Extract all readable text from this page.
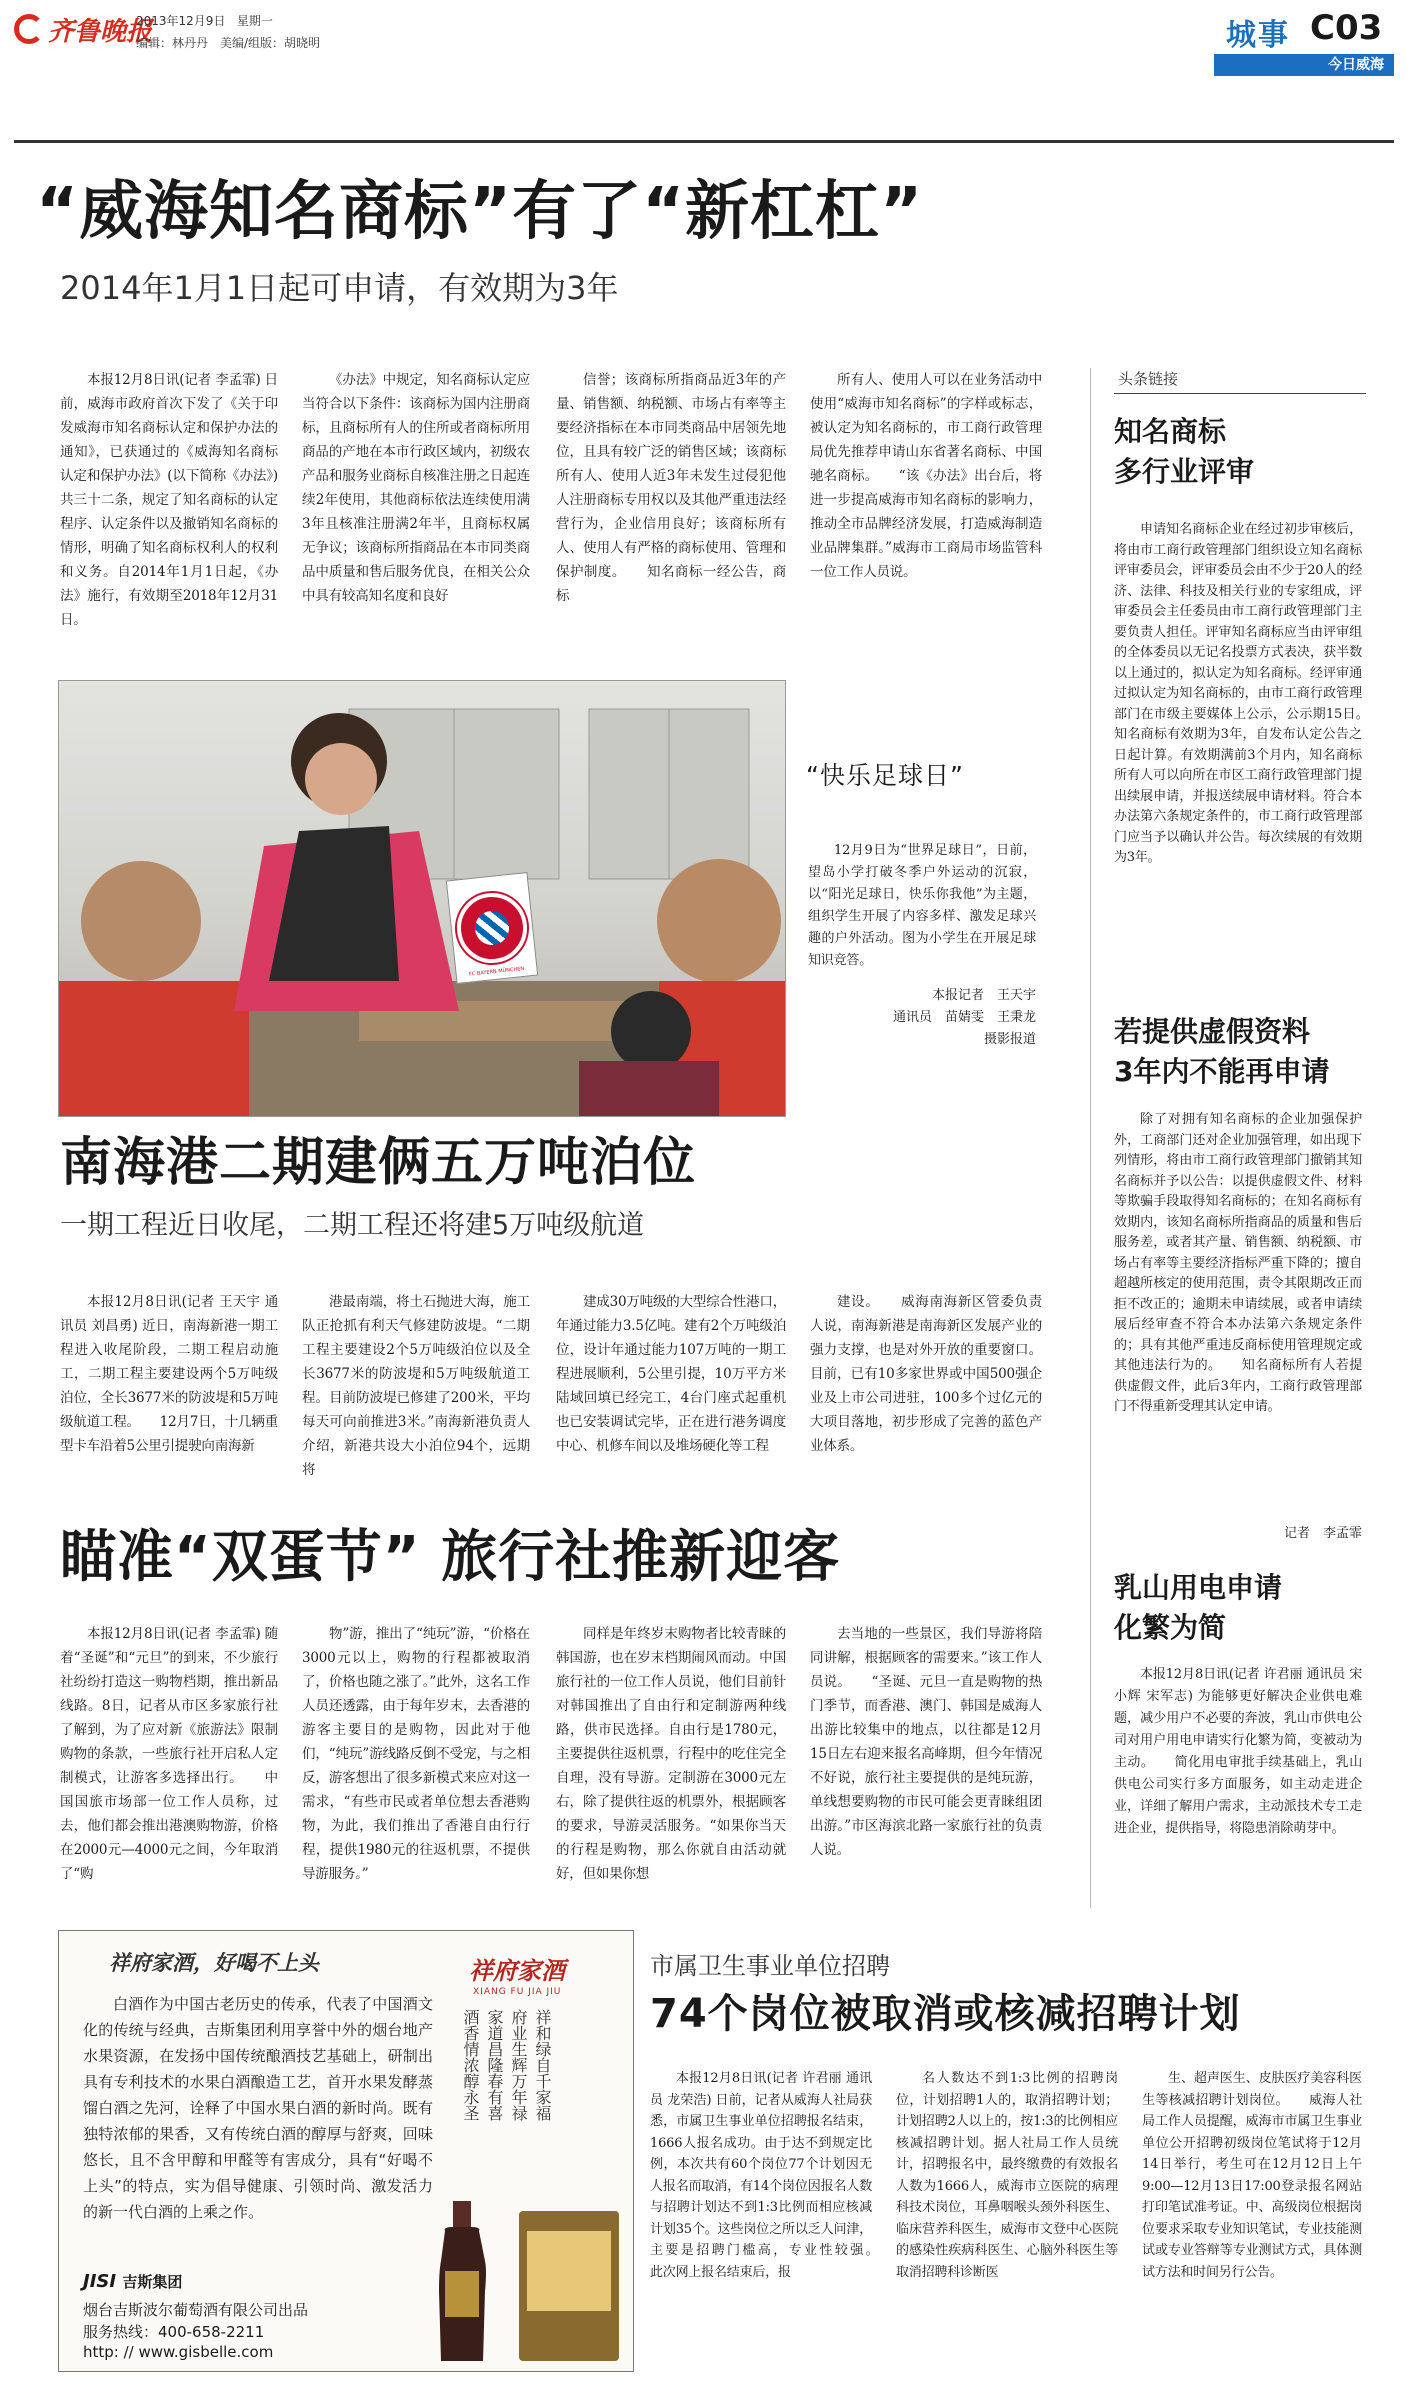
齐鲁晚报
2013年12月9日 星期一
编辑：林丹丹　美编/组版：胡晓明	城事 C03
今日威海
“威海知名商标”有了“新杠杠”
2014年1月1日起可申请，有效期为3年
本报12月8日讯(记者 李孟霏) 日前，威海市政府首次下发了《关于印发威海市知名商标认定和保护办法的通知》，已获通过的《威海知名商标认定和保护办法》(以下简称《办法》)共三十二条，规定了知名商标的认定程序、认定条件以及撤销知名商标的情形，明确了知名商标权利人的权利和义务。自2014年1月1日起，《办法》施行，有效期至2018年12月31日。
《办法》中规定，知名商标认定应当符合以下条件：该商标为国内注册商标，且商标所有人的住所或者商标所用商品的产地在本市行政区域内，初级农产品和服务业商标自核准注册之日起连续2年使用，其他商标依法连续使用满3年且核准注册满2年半，且商标权属无争议；该商标所指商品在本市同类商品中质量和售后服务优良，在相关公众中具有较高知名度和良好
信誉；该商标所指商品近3年的产量、销售额、纳税额、市场占有率等主要经济指标在本市同类商品中居领先地位，且具有较广泛的销售区域；该商标所有人、使用人近3年未发生过侵犯他人注册商标专用权以及其他严重违法经营行为，企业信用良好；该商标所有人、使用人有严格的商标使用、管理和保护制度。　　知名商标一经公告，商标
所有人、使用人可以在业务活动中使用“威海市知名商标”的字样或标志，被认定为知名商标的，市工商行政管理局优先推荐申请山东省著名商标、中国驰名商标。　　“该《办法》出台后，将进一步提高威海市知名商标的影响力，推动全市品牌经济发展，打造威海制造业品牌集群。”威海市工商局市场监管科一位工作人员说。
FC BAYERN MÜNCHEN
“快乐足球日”
12月9日为“世界足球日”，日前，望岛小学打破冬季户外运动的沉寂，以“阳光足球日，快乐你我他”为主题，组织学生开展了内容多样、激发足球兴趣的户外活动。图为小学生在开展足球知识竞答。
本报记者　王天宇
通讯员　苗婧雯　王秉龙
摄影报道
南海港二期建俩五万吨泊位
一期工程近日收尾，二期工程还将建5万吨级航道
本报12月8日讯(记者 王天宇 通讯员 刘昌勇) 近日，南海新港一期工程进入收尾阶段，二期工程启动施工，二期工程主要建设两个5万吨级泊位，全长3677米的防波堤和5万吨级航道工程。　　12月7日，十几辆重型卡车沿着5公里引提驶向南海新
港最南端，将土石抛进大海，施工队正抢抓有利天气修建防波堤。“二期工程主要建设2个5万吨级泊位以及全长3677米的防波堤和5万吨级航道工程。目前防波堤已修建了200米，平均每天可向前推进3米。”南海新港负责人介绍，新港共设大小泊位94个，远期将
建成30万吨级的大型综合性港口，年通过能力3.5亿吨。建有2个万吨级泊位，设计年通过能力107万吨的一期工程进展顺利，5公里引提，10万平方米陆域回填已经完工，4台门座式起重机也已安装调试完毕，正在进行港务调度中心、机修车间以及堆场硬化等工程
建设。　　威海南海新区管委负责人说，南海新港是南海新区发展产业的强力支撑，也是对外开放的重要窗口。目前，已有10多家世界或中国500强企业及上市公司进驻，100多个过亿元的大项目落地，初步形成了完善的蓝色产业体系。
瞄准“双蛋节” 旅行社推新迎客
本报12月8日讯(记者 李孟霏) 随着“圣诞”和“元旦”的到来，不少旅行社纷纷打造这一购物档期，推出新品线路。8日，记者从市区多家旅行社了解到，为了应对新《旅游法》限制购物的条款，一些旅行社开启私人定制模式，让游客多选择出行。　　中国国旅市场部一位工作人员称，过去，他们都会推出港澳购物游，价格在2000元—4000元之间，今年取消了“购
物”游，推出了“纯玩”游，“价格在3000元以上，购物的行程都被取消了，价格也随之涨了。”此外，这名工作人员还透露，由于每年岁末，去香港的游客主要目的是购物，因此对于他们，“纯玩”游线路反倒不受宠，与之相反，游客想出了很多新模式来应对这一需求，“有些市民或者单位想去香港购物，为此，我们推出了香港自由行行程，提供1980元的往返机票，不提供导游服务。”
同样是年终岁末购物者比较青睐的韩国游，也在岁末档期闹风而动。中国旅行社的一位工作人员说，他们目前针对韩国推出了自由行和定制游两种线路，供市民选择。自由行是1780元，主要提供往返机票，行程中的吃住完全自理，没有导游。定制游在3000元左右，除了提供往返的机票外，根据顾客的要求，导游灵活服务。“如果你当天的行程是购物，那么你就自由活动就好，但如果你想
去当地的一些景区，我们导游将陪同讲解，根据顾客的需要来。”该工作人员说。　　“圣诞、元旦一直是购物的热门季节，而香港、澳门、韩国是威海人出游比较集中的地点，以往都是12月15日左右迎来报名高峰期，但今年情况不好说，旅行社主要提供的是纯玩游，单线想要购物的市民可能会更青睐组团出游。”市区海滨北路一家旅行社的负责人说。
头条链接
知名商标
多行业评审
申请知名商标企业在经过初步审核后，将由市工商行政管理部门组织设立知名商标评审委员会，评审委员会由不少于20人的经济、法律、科技及相关行业的专家组成，评审委员会主任委员由市工商行政管理部门主要负责人担任。评审知名商标应当由评审组的全体委员以无记名投票方式表决，获半数以上通过的，拟认定为知名商标。经评审通过拟认定为知名商标的，由市工商行政管理部门在市级主要媒体上公示，公示期15日。　　知名商标有效期为3年，自发布认定公告之日起计算。有效期满前3个月内，知名商标所有人可以向所在市区工商行政管理部门提出续展申请，并报送续展申请材料。符合本办法第六条规定条件的，市工商行政管理部门应当予以确认并公告。每次续展的有效期为3年。
若提供虚假资料
3年内不能再申请
除了对拥有知名商标的企业加强保护外，工商部门还对企业加强管理，如出现下列情形，将由市工商行政管理部门撤销其知名商标并予以公告：以提供虚假文件、材料等欺骗手段取得知名商标的；在知名商标有效期内，该知名商标所指商品的质量和售后服务差，或者其产量、销售额、纳税额、市场占有率等主要经济指标严重下降的；擅自超越所核定的使用范围，责令其限期改正而拒不改正的；逾期未申请续展，或者申请续展后经审查不符合本办法第六条规定条件的；具有其他严重违反商标使用管理规定或其他违法行为的。　　知名商标所有人若提供虚假文件，此后3年内，工商行政管理部门不得重新受理其认定申请。
记者　李孟霏
乳山用电申请
化繁为简
本报12月8日讯(记者 许君丽 通讯员 宋小辉 宋军志) 为能够更好解决企业供电难题，减少用户不必要的奔波，乳山市供电公司对用户用电申请实行化繁为简，变被动为主动。　　简化用电审批手续基础上，乳山供电公司实行多方面服务，如主动走进企业，详细了解用户需求，主动派技术专工走进企业，提供指导，将隐患消除萌芽中。
祥府家酒，好喝不上头
白酒作为中国古老历史的传承，代表了中国酒文化的传统与经典，吉斯集团利用享誉中外的烟台地产水果资源，在发扬中国传统酿酒技艺基础上，研制出具有专利技术的水果白酒酿造工艺，首开水果发酵蒸馏白酒之先河，诠释了中国水果白酒的新时尚。既有独特浓郁的果香，又有传统白酒的醇厚与舒爽，回味悠长，且不含甲醇和甲醛等有害成分，具有“好喝不上头”的特点，实为倡导健康、引领时尚、激发活力的新一代白酒的上乘之作。
JISI 吉斯集团
烟台吉斯波尔葡萄酒有限公司出品
服务热线：400-658-2211
http: // www.gisbelle.com
祥府家酒
XIANG FU JIA JIU
祥和绿自千家福
府业生辉万年禄
家道昌隆春有喜
酒香情浓醇永圣
市属卫生事业单位招聘
74个岗位被取消或核减招聘计划
本报12月8日讯(记者 许君丽 通讯员 龙荣浩) 日前，记者从威海人社局获悉，市属卫生事业单位招聘报名结束，1666人报名成功。由于达不到规定比例，本次共有60个岗位77个计划因无人报名而取消，有14个岗位因报名人数与招聘计划达不到1:3比例而相应核减计划35个。这些岗位之所以乏人问津，主要是招聘门槛高，专业性较强。　　此次网上报名结束后，报
名人数达不到1:3比例的招聘岗位，计划招聘1人的，取消招聘计划；计划招聘2人以上的，按1:3的比例相应核减招聘计划。据人社局工作人员统计，招聘报名中，最终缴费的有效报名人数为1666人，威海市立医院的病理科技术岗位，耳鼻咽喉头颈外科医生、临床营养科医生，威海市文登中心医院的感染性疾病科医生、心脑外科医生等取消招聘科诊断医
生、超声医生、皮肤医疗美容科医生等核减招聘计划岗位。　　威海人社局工作人员提醒，威海市市属卫生事业单位公开招聘初级岗位笔试将于12月14日举行，考生可在12月12日上午9:00—12月13日17:00登录报名网站打印笔试准考证。中、高级岗位根据岗位要求采取专业知识笔试，专业技能测试或专业答辩等专业测试方式，具体测试方法和时间另行公告。
